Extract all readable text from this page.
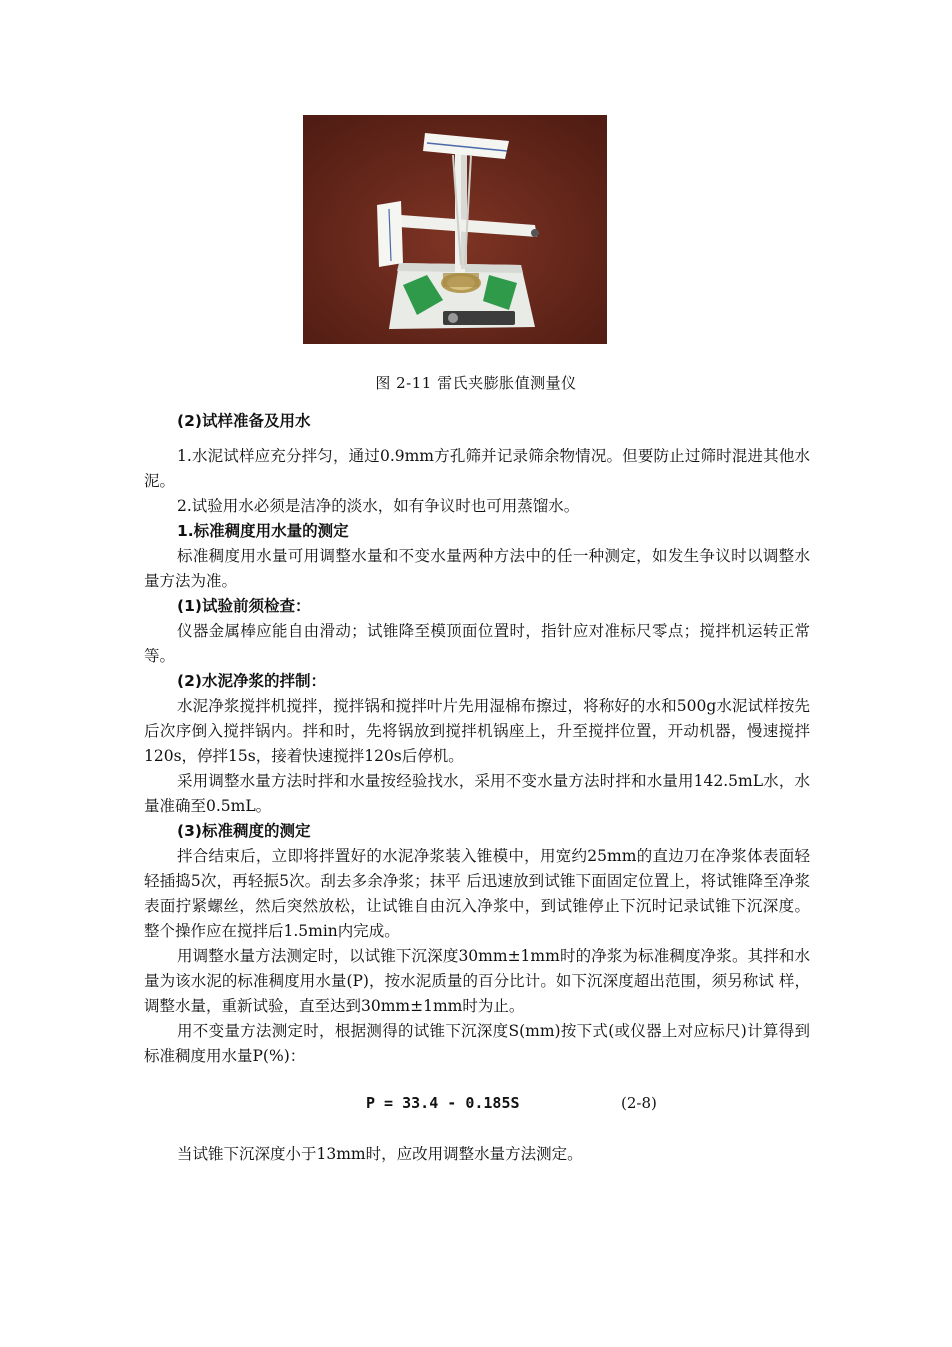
图 2-11 雷氏夹膨胀值测量仪
(2)试样准备及用水
1.水泥试样应充分拌匀，通过0.9mm方孔筛并记录筛余物情况。但要防止过筛时混进其他水泥。
2.试验用水必须是洁净的淡水，如有争议时也可用蒸馏水。
1.标准稠度用水量的测定
标准稠度用水量可用调整水量和不变水量两种方法中的任一种测定，如发生争议时以调整水量方法为准。
(1)试验前须检查：
仪器金属棒应能自由滑动；试锥降至模顶面位置时，指针应对准标尺零点；搅拌机运转正常等。
(2)水泥净浆的拌制：
水泥净浆搅拌机搅拌，搅拌锅和搅拌叶片先用湿棉布擦过，将称好的水和500g水泥试样按先后次序倒入搅拌锅内。拌和时，先将锅放到搅拌机锅座上，升至搅拌位置，开动机器，慢速搅拌120s，停拌15s，接着快速搅拌120s后停机。
采用调整水量方法时拌和水量按经验找水，采用不变水量方法时拌和水量用142.5mL水，水量准确至0.5mL。
(3)标准稠度的测定
拌合结束后，立即将拌置好的水泥净浆装入锥模中，用宽约25mm的直边刀在净浆体表面轻轻插捣5次，再轻振5次。刮去多余净浆；抹平 后迅速放到试锥下面固定位置上，将试锥降至净浆表面拧紧螺丝，然后突然放松，让试锥自由沉入净浆中，到试锥停止下沉时记录试锥下沉深度。整个操作应在搅拌后1.5min内完成。
用调整水量方法测定时，以试锥下沉深度30mm±1mm时的净浆为标准稠度净浆。其拌和水量为该水泥的标准稠度用水量(P)，按水泥质量的百分比计。如下沉深度超出范围，须另称试 样，调整水量，重新试验，直至达到30mm±1mm时为止。
用不变量方法测定时，根据测得的试锥下沉深度S(mm)按下式(或仪器上对应标尺)计算得到 标准稠度用水量P(%)：
P = 33.4 - 0.185S	(2-8)
当试锥下沉深度小于13mm时，应改用调整水量方法测定。
